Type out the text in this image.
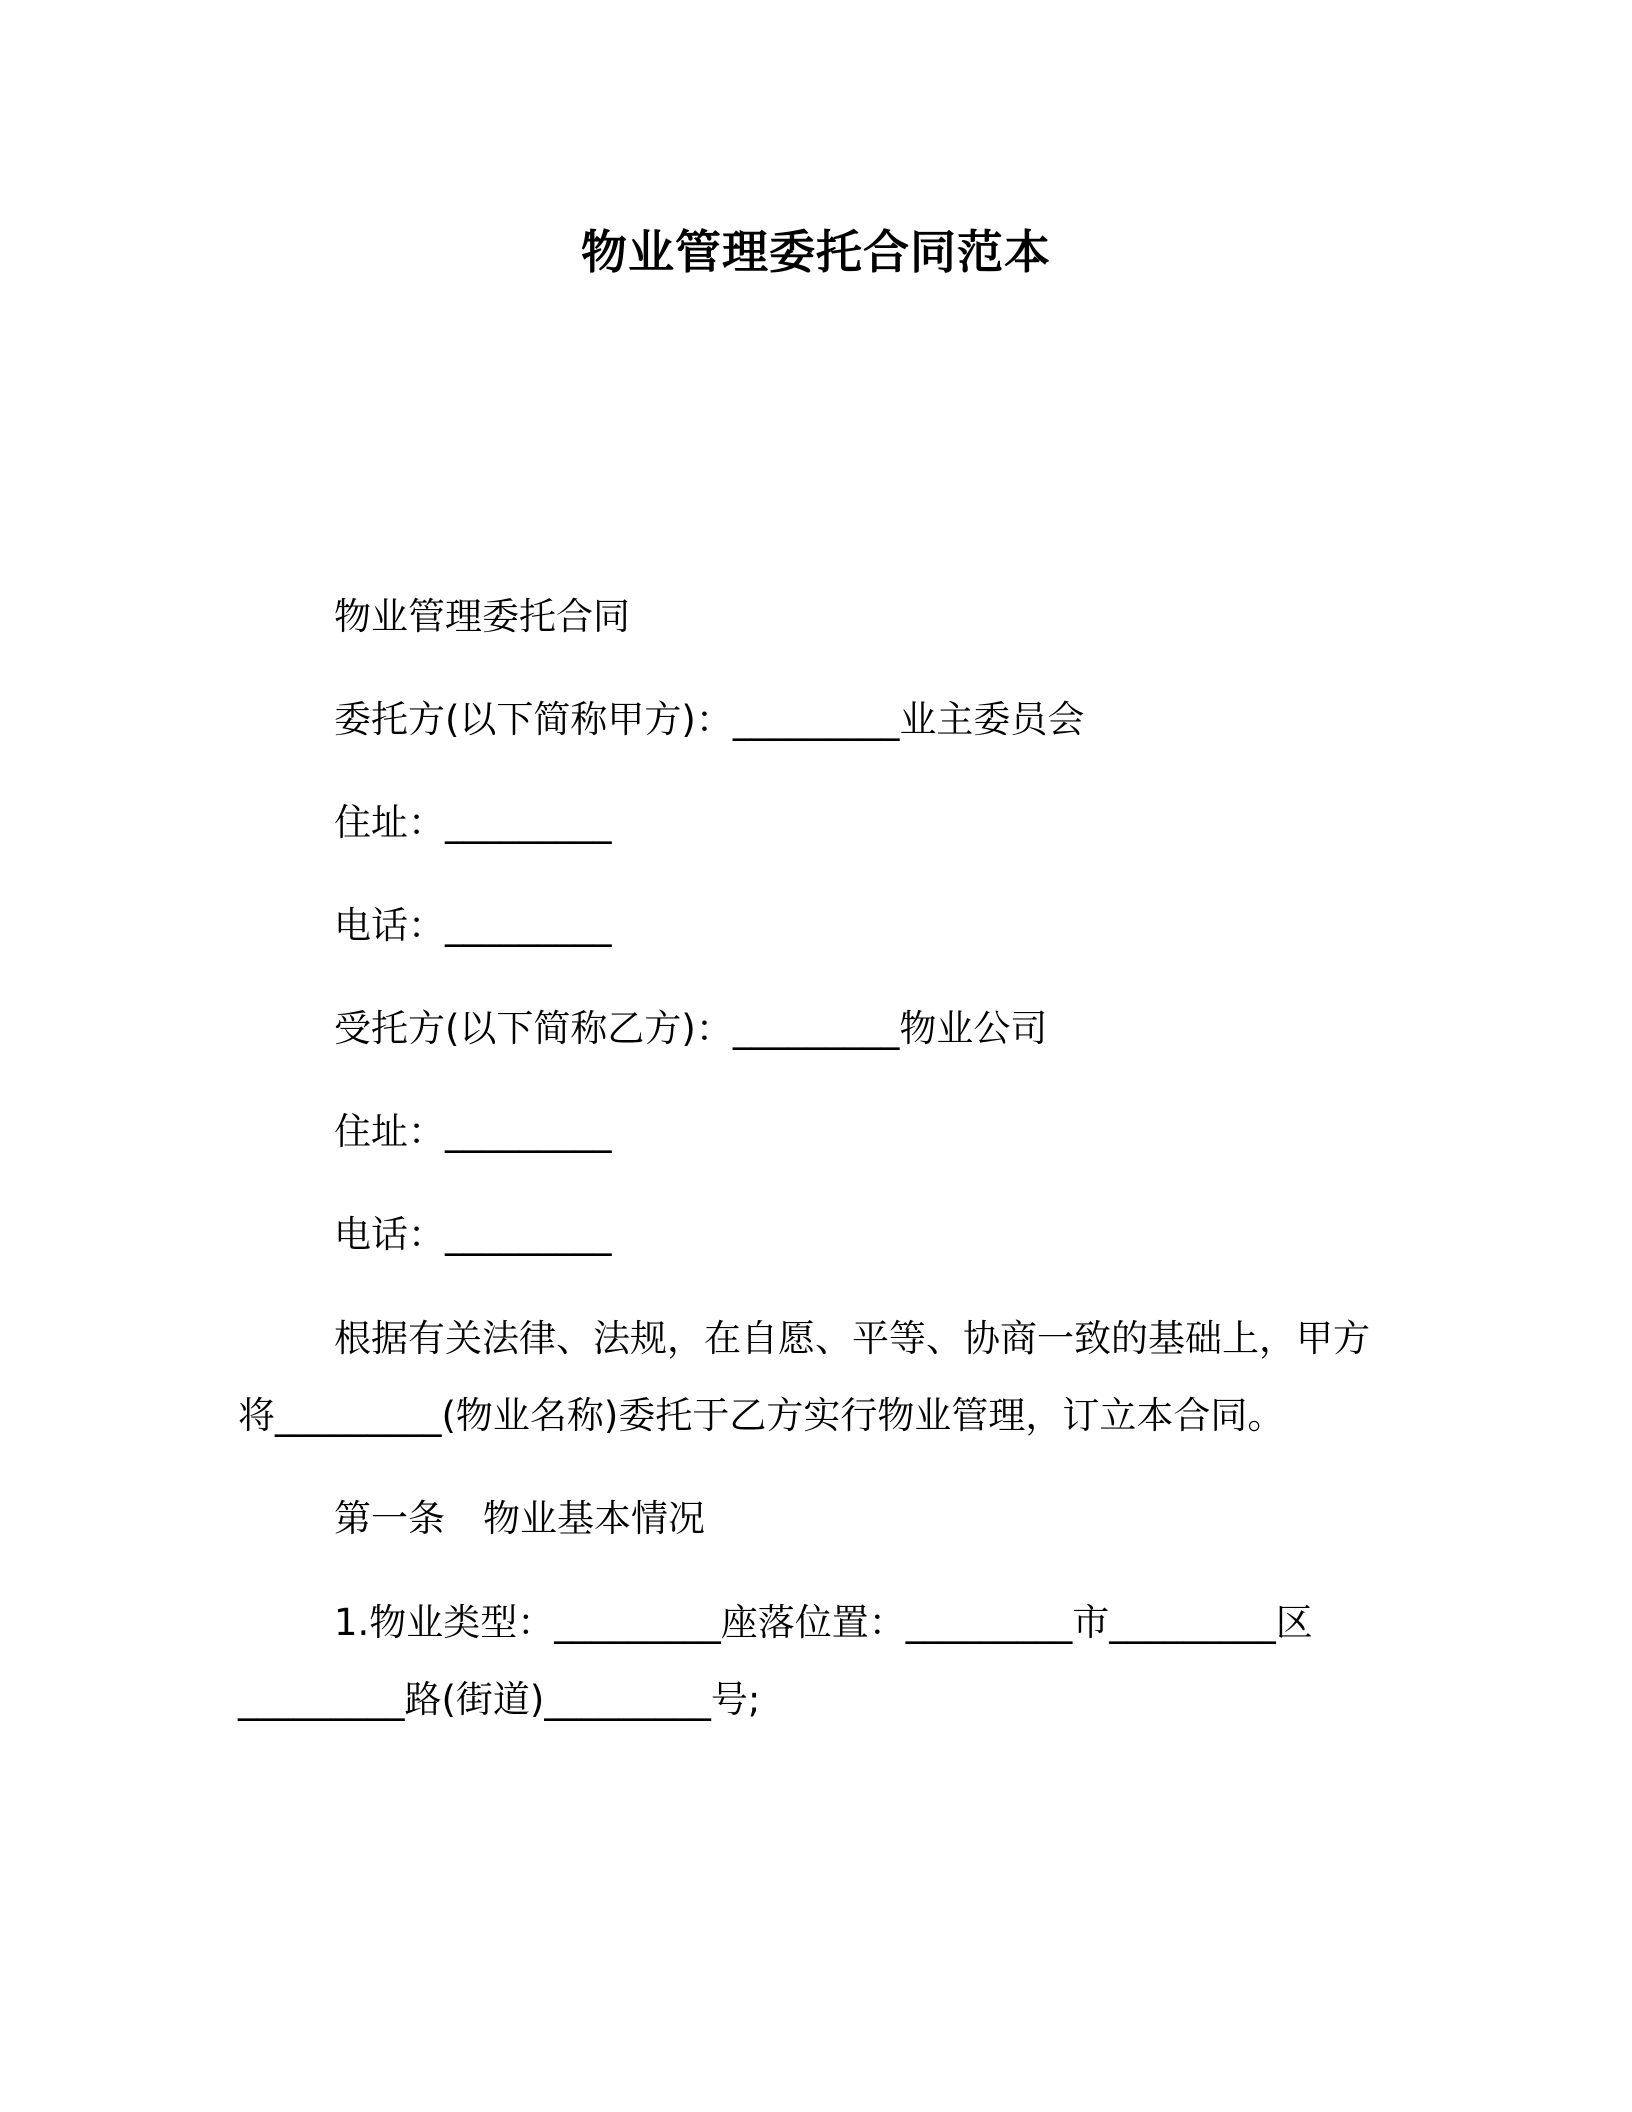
物业管理委托合同范本

物业管理委托合同

委托方(以下简称甲方)：_________业主委员会

住址：_________

电话：_________

受托方(以下简称乙方)：_________物业公司

住址：_________

电话：_________

根据有关法律、法规，在自愿、平等、协商一致的基础上，甲方
将_________(物业名称)委托于乙方实行物业管理，订立本合同。

第一条 物业基本情况

1.物业类型：_________座落位置：_________市_________区
_________路(街道)_________号;
